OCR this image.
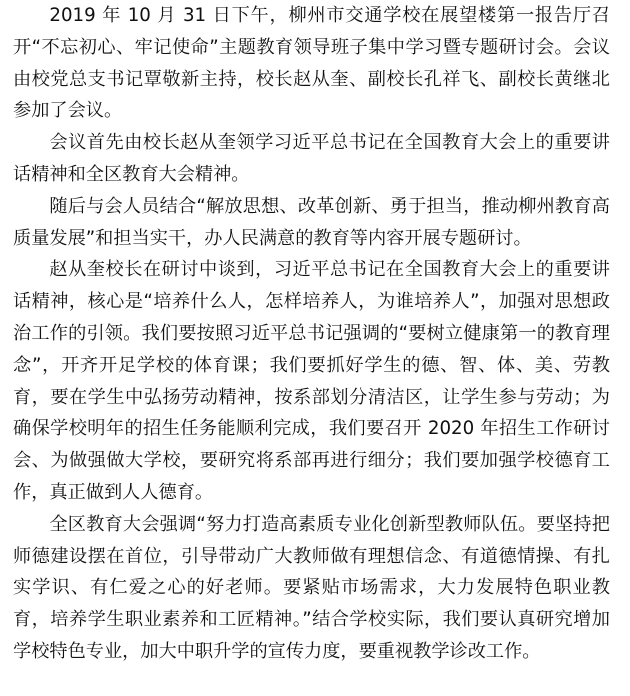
2019 年 10 月 31 日下午，柳州市交通学校在展望楼第一报告厅召开“不忘初心、牢记使命”主题教育领导班子集中学习暨专题研讨会。会议由校党总支书记覃敬新主持，校长赵从奎、副校长孔祥飞、副校长黄继北参加了会议。

会议首先由校长赵从奎领学习近平总书记在全国教育大会上的重要讲话精神和全区教育大会精神。

随后与会人员结合“解放思想、改革创新、勇于担当，推动柳州教育高质量发展”和担当实干，办人民满意的教育等内容开展专题研讨。

赵从奎校长在研讨中谈到，习近平总书记在全国教育大会上的重要讲话精神，核心是“培养什么人，怎样培养人，为谁培养人”，加强对思想政治工作的引领。我们要按照习近平总书记强调的“要树立健康第一的教育理念”，开齐开足学校的体育课；我们要抓好学生的德、智、体、美、劳教育，要在学生中弘扬劳动精神，按系部划分清洁区，让学生参与劳动；为确保学校明年的招生任务能顺利完成，我们要召开 2020 年招生工作研讨会、为做强做大学校，要研究将系部再进行细分；我们要加强学校德育工作，真正做到人人德育。

全区教育大会强调“努力打造高素质专业化创新型教师队伍。要坚持把师德建设摆在首位，引导带动广大教师做有理想信念、有道德情操、有扎实学识、有仁爱之心的好老师。要紧贴市场需求，大力发展特色职业教育，培养学生职业素养和工匠精神。”结合学校实际，我们要认真研究增加学校特色专业，加大中职升学的宣传力度，要重视教学诊改工作。
